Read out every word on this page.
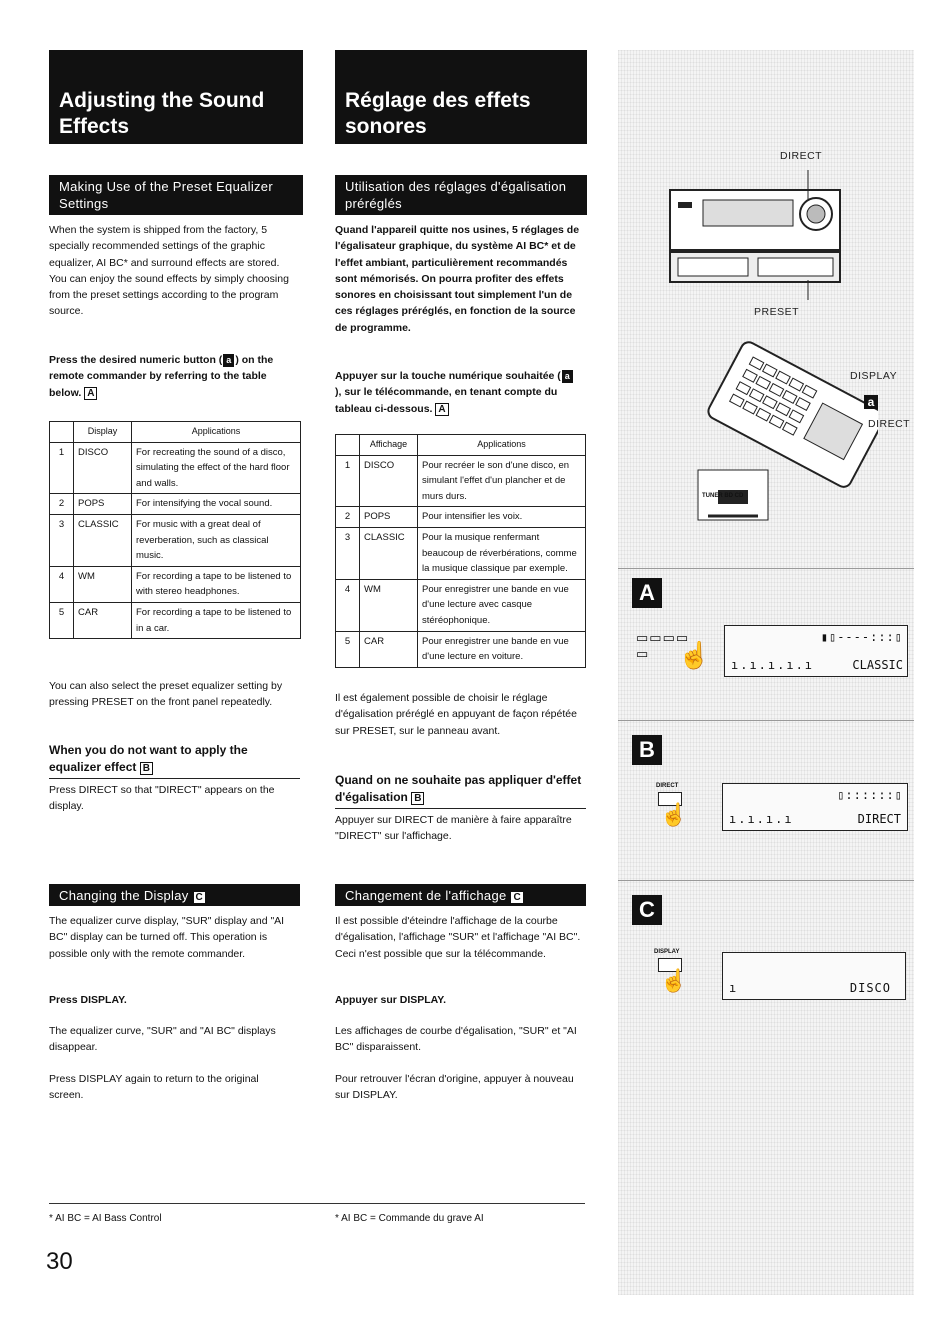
Adjusting the Sound Effects
Making Use of the Preset Equalizer Settings
When the system is shipped from the factory, 5 specially recommended settings of the graphic equalizer, AI BC* and surround effects are stored. You can enjoy the sound effects by simply choosing from the preset settings according to the program source.
Press the desired numeric button ( a ) on the remote commander by referring to the table below. A
	Display	Applications
1	DISCO	For recreating the sound of a disco, simulating the effect of the hard floor and walls.
2	POPS	For intensifying the vocal sound.
3	CLASSIC	For music with a great deal of reverberation, such as classical music.
4	WM	For recording a tape to be listened to with stereo headphones.
5	CAR	For recording a tape to be listened to in a car.
You can also select the preset equalizer setting by pressing PRESET on the front panel repeatedly.
When you do not want to apply the equalizer effect B
Press DIRECT so that "DIRECT" appears on the display.
Changing the Display C
The equalizer curve display, "SUR" display and "AI BC" display can be turned off. This operation is possible only with the remote commander.
Press DISPLAY.
The equalizer curve, "SUR" and "AI BC" displays disappear.
Press DISPLAY again to return to the original screen.
Réglage des effets sonores
Utilisation des réglages d'égalisation préréglés
Quand l'appareil quitte nos usines, 5 réglages de l'égalisateur graphique, du système AI BC* et de l'effet ambiant, particulièrement recommandés sont mémorisés. On pourra profiter des effets sonores en choisissant tout simplement l'un de ces réglages préréglés, en fonction de la source de programme.
Appuyer sur la touche numérique souhaitée ( a), sur le télécommande, en tenant compte du tableau ci-dessous. A
	Affichage	Applications
1	DISCO	Pour recréer le son d'une disco, en simulant l'effet d'un plancher et de murs durs.
2	POPS	Pour intensifier les voix.
3	CLASSIC	Pour la musique renfermant beaucoup de réverbérations, comme la musique classique par exemple.
4	WM	Pour enregistrer une bande en vue d'une lecture avec casque stéréophonique.
5	CAR	Pour enregistrer une bande en vue d'une lecture en voiture.
Il est également possible de choisir le réglage d'égalisation préréglé en appuyant de façon répétée sur PRESET, sur le panneau avant.
Quand on ne souhaite pas appliquer d'effet d'égalisation B
Appuyer sur DIRECT de manière à faire apparaître "DIRECT" sur l'affichage.
Changement de l'affichage C
Il est possible d'éteindre l'affichage de la courbe d'égalisation, l'affichage "SUR" et l'affichage "AI BC". Ceci n'est possible que sur la télécommande.
Appuyer sur DISPLAY.
Les affichages de courbe d'égalisation, "SUR" et "AI BC" disparaissent.
Pour retrouver l'écran d'origine, appuyer à nouveau sur DISPLAY.
* AI BC = AI Bass Control	* AI BC = Commande du grave AI
30
DIRECT
PRESET
DISPLAY
a
DIRECT
TUNER BD CD
A
▭▭▭▭
▭	☝	CLASSIC
ı.ı.ı.ı.ı
▮▯----:::▯
B
DIRECT
☝	DIRECT
ı.ı.ı.ı
▯::::::▯
C
DISPLAY
☝	DISCO
ı
